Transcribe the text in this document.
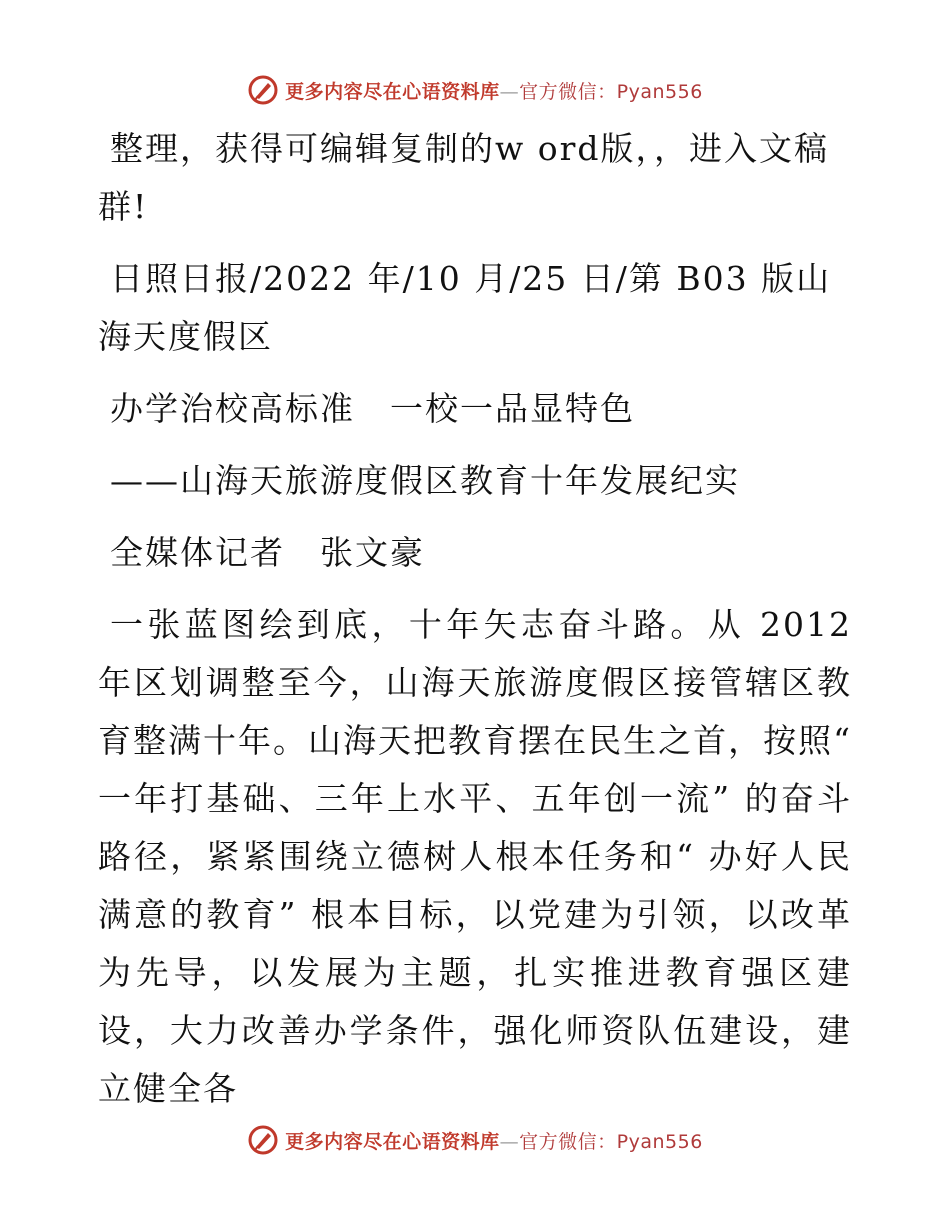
更多内容尽在心语资料库—官方微信：Pyan556

整理，获得可编辑复制的w ord版，，进入文稿群!

日照日报/2022 年/10 月/25 日/第 B03 版山海天度假区

办学治校高标准　一校一品显特色

——山海天旅游度假区教育十年发展纪实

全媒体记者　张文豪

一张蓝图绘到底，十年矢志奋斗路。从 2012 年区划调整至今，山海天旅游度假区接管辖区教育整满十年。山海天把教育摆在民生之首，按照“ 一年打基础、三年上水平、五年创一流” 的奋斗路径，紧紧围绕立德树人根本任务和“ 办好人民满意的教育” 根本目标，以党建为引领，以改革为先导，以发展为主题，扎实推进教育强区建设，大力改善办学条件，强化师资队伍建设，建立健全各

更多内容尽在心语资料库—官方微信：Pyan556
